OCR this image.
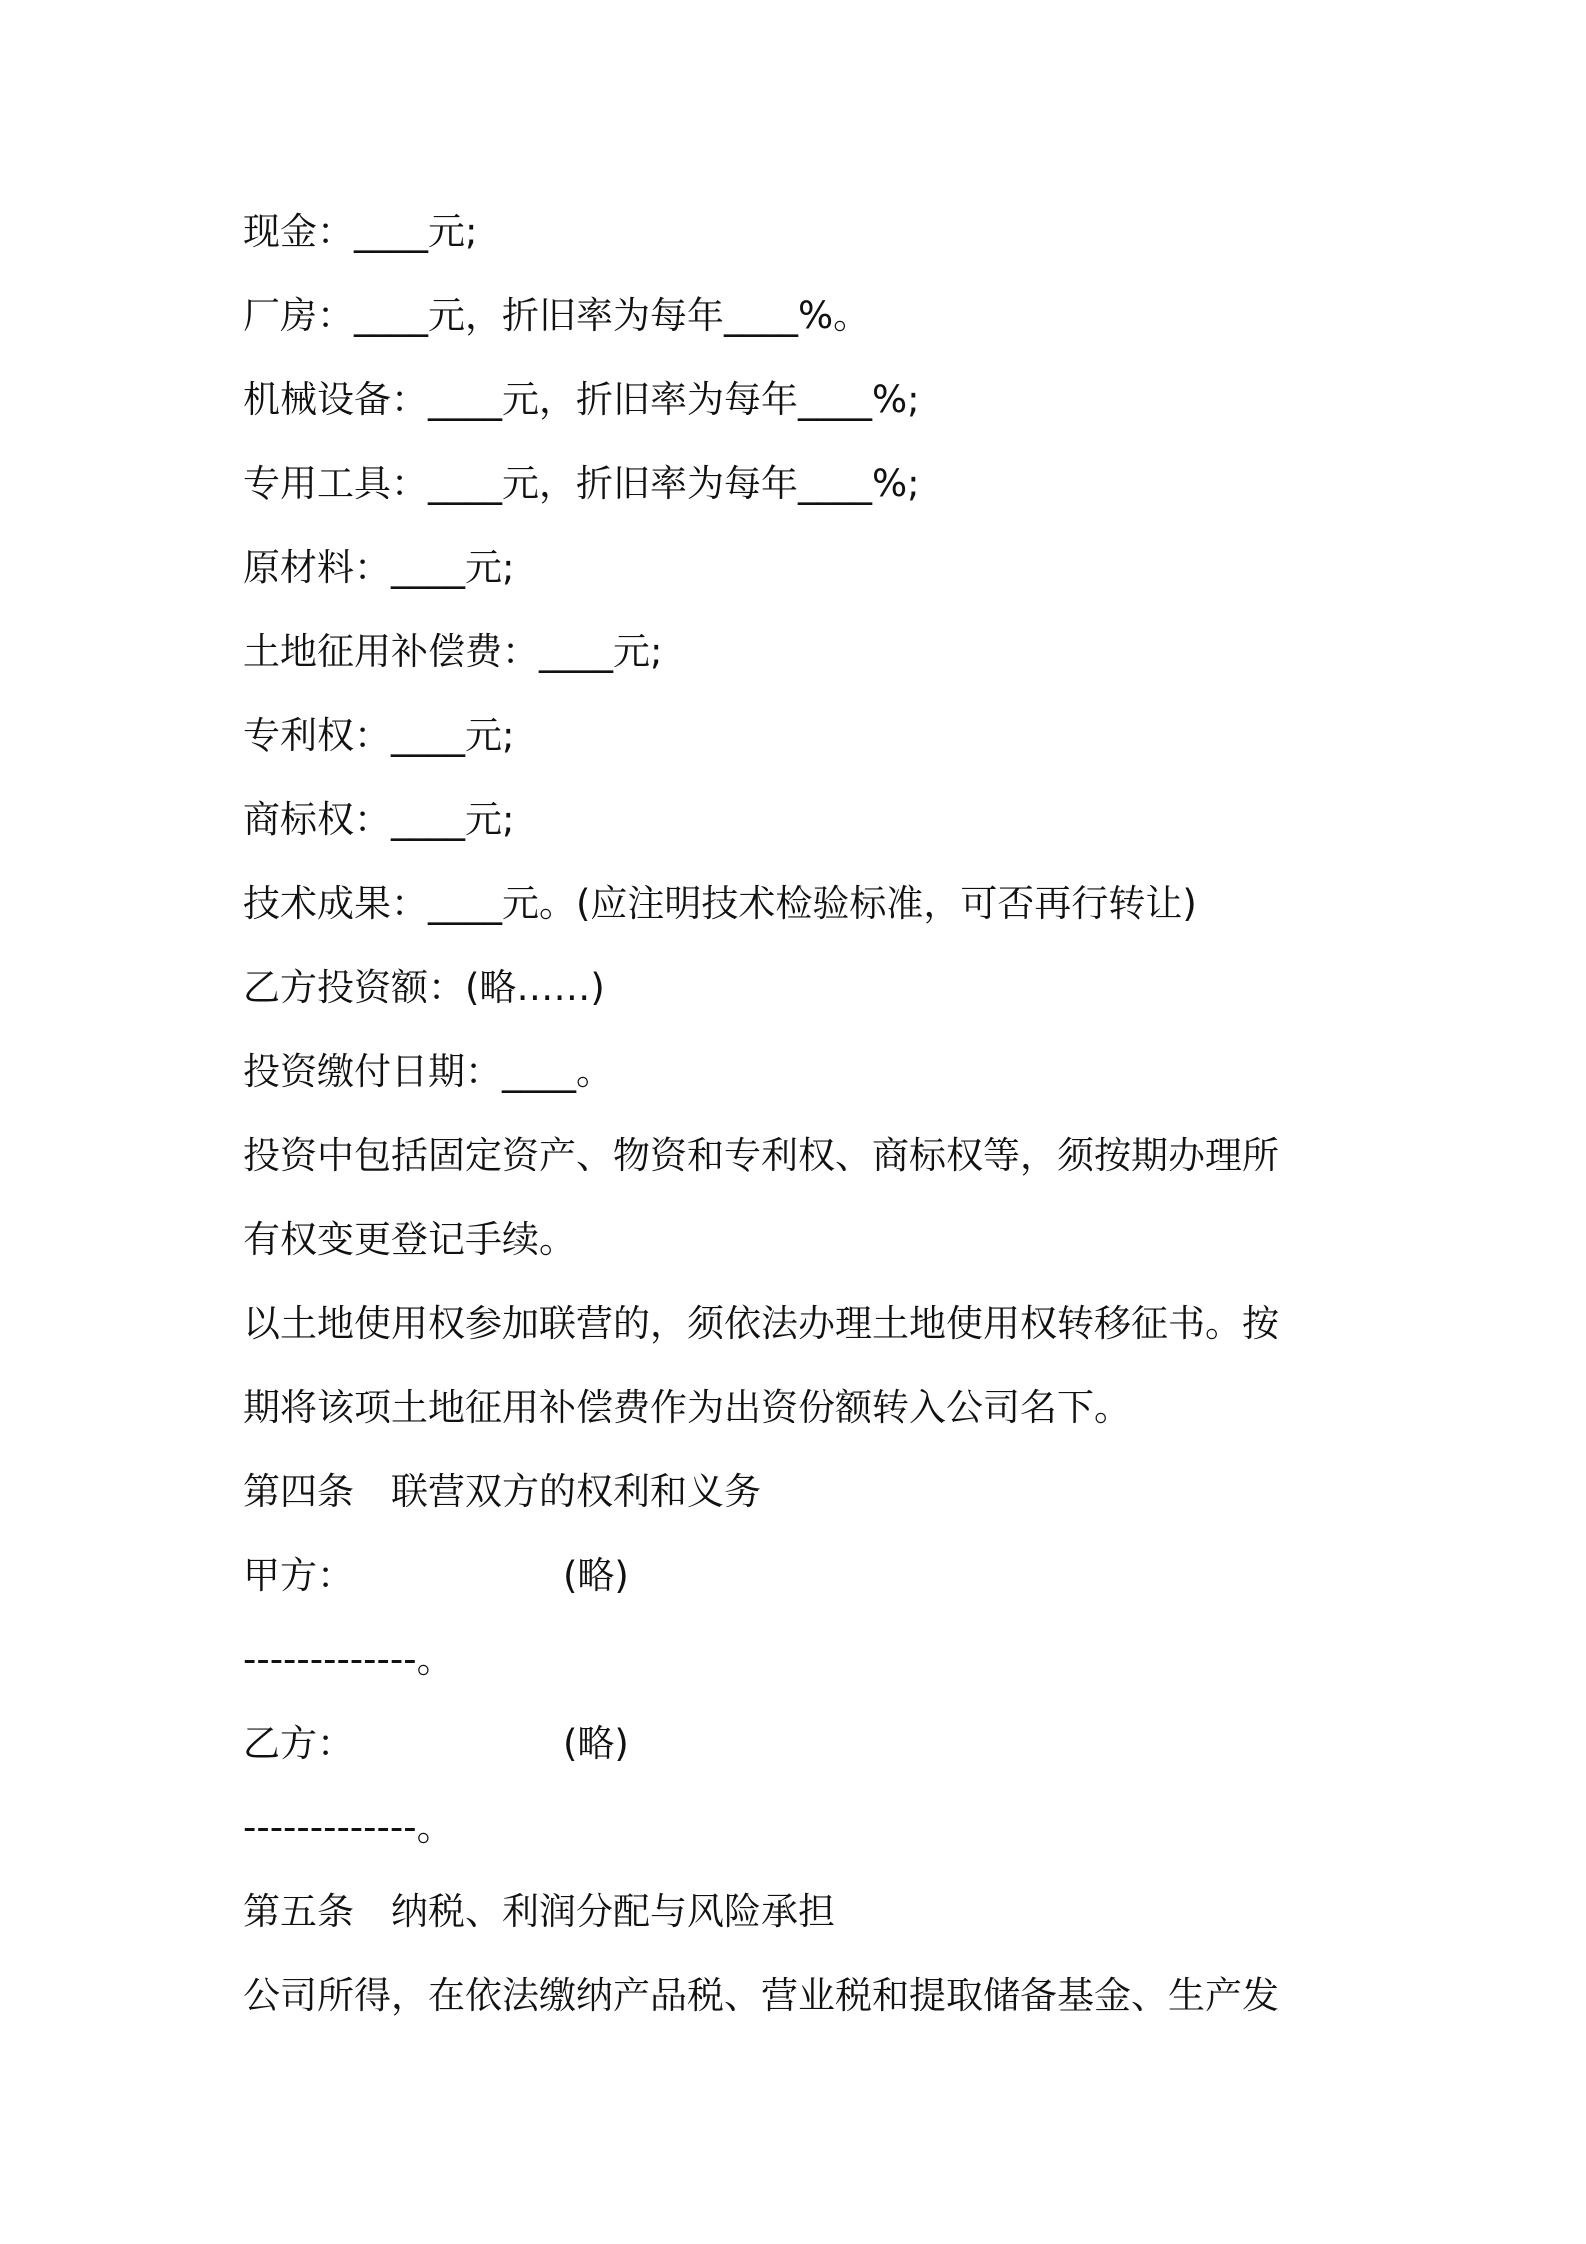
现金：____元;
厂房：____元，折旧率为每年____%。
机械设备：____元，折旧率为每年____%;
专用工具：____元，折旧率为每年____%;
原材料：____元;
土地征用补偿费：____元;
专利权：____元;
商标权：____元;
技术成果：____元。(应注明技术检验标准，可否再行转让)
乙方投资额：(略……)
投资缴付日期：____。
投资中包括固定资产、物资和专利权、商标权等，须按期办理所
有权变更登记手续。
以土地使用权参加联营的，须依法办理土地使用权转移征书。按
期将该项土地征用补偿费作为出资份额转入公司名下。
第四条　联营双方的权利和义务
甲方：	(略)
-------------。
乙方：	(略)
-------------。
第五条　纳税、利润分配与风险承担
公司所得，在依法缴纳产品税、营业税和提取储备基金、生产发
